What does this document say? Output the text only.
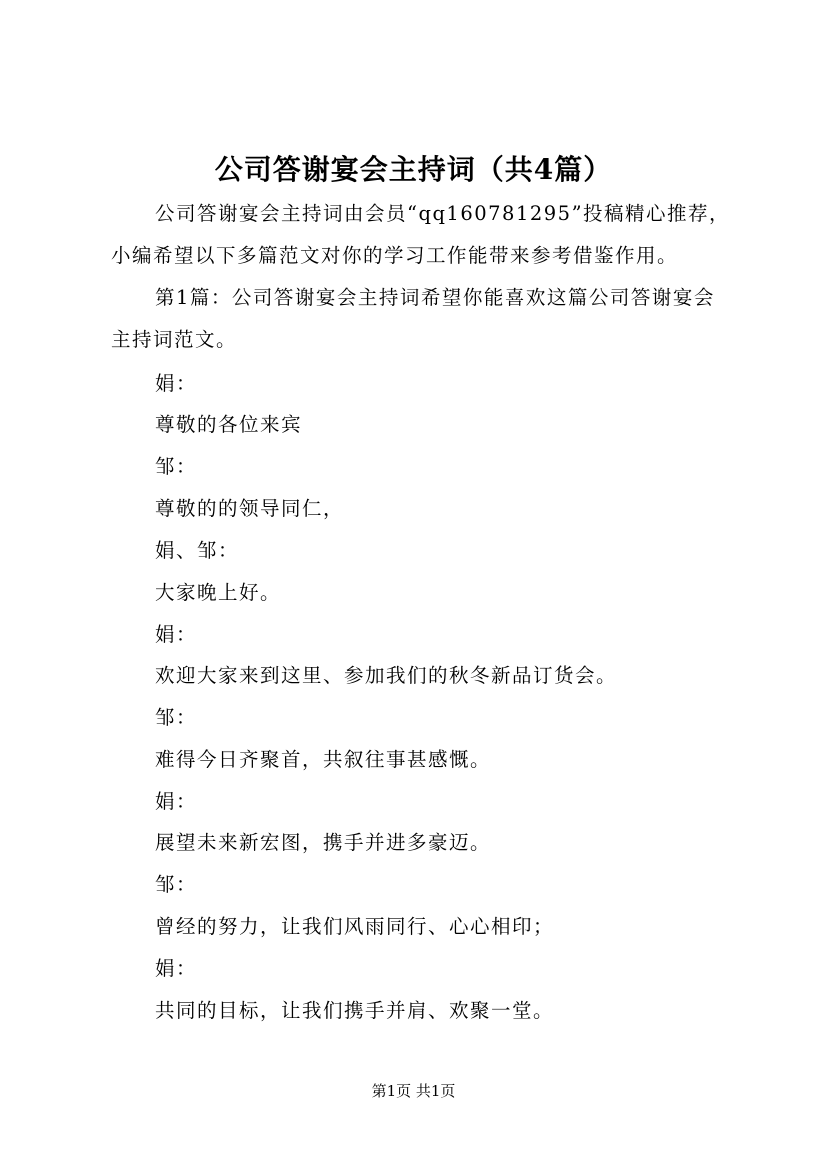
公司答谢宴会主持词（共4篇）
公司答谢宴会主持词由会员“qq160781295”投稿精心推荐，小编希望以下多篇范文对你的学习工作能带来参考借鉴作用。
第1篇：公司答谢宴会主持词希望你能喜欢这篇公司答谢宴会主持词范文。
娟：
尊敬的各位来宾
邹：
尊敬的的领导同仁，
娟、邹：
大家晚上好。
娟：
欢迎大家来到这里、参加我们的秋冬新品订货会。
邹：
难得今日齐聚首，共叙往事甚感慨。
娟：
展望未来新宏图，携手并进多豪迈。
邹：
曾经的努力，让我们风雨同行、心心相印；
娟：
共同的目标，让我们携手并肩、欢聚一堂。
第1页 共1页
